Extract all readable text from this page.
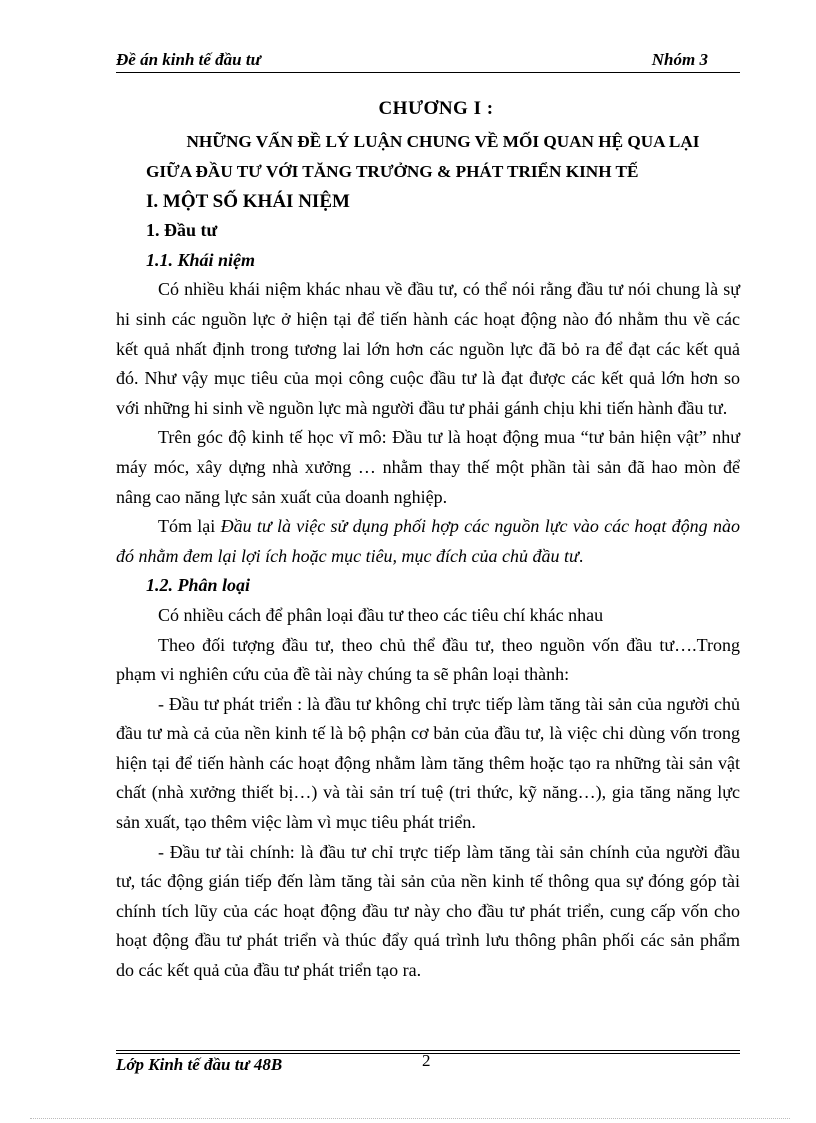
Đề án kinh tế đầu tư	Nhóm 3
CHƯƠNG I :
NHỮNG VẤN ĐỀ LÝ LUẬN CHUNG VỀ MỐI QUAN HỆ QUA LẠI
GIỮA ĐẦU TƯ VỚI TĂNG TRƯỞNG & PHÁT TRIỂN KINH TẾ
I. MỘT SỐ KHÁI NIỆM
1. Đầu tư
1.1. Khái niệm

Có nhiều khái niệm khác nhau về đầu tư, có thể nói rằng đầu tư nói chung là sự hi sinh các nguồn lực ở hiện tại để tiến hành các hoạt động nào đó nhằm thu về các kết quả nhất định trong tương lai lớn hơn các nguồn lực đã bỏ ra để đạt các kết quả đó. Như vậy mục tiêu của mọi công cuộc đầu tư là đạt được các kết quả lớn hơn so với những hi sinh về nguồn lực mà người đầu tư phải gánh chịu khi tiến hành đầu tư.

Trên góc độ kinh tế học vĩ mô: Đầu tư là hoạt động mua “tư bản hiện vật” như máy móc, xây dựng nhà xưởng … nhằm thay thế một phần tài sản đã hao mòn để nâng cao năng lực sản xuất của doanh nghiệp.

Tóm lại Đầu tư là việc sử dụng phối hợp các nguồn lực vào các hoạt động nào đó nhằm đem lại lợi ích hoặc mục tiêu, mục đích của chủ đầu tư.

1.2. Phân loại

Có nhiều cách để phân loại đầu tư theo các tiêu chí khác nhau

Theo đối tượng đầu tư, theo chủ thể đầu tư, theo nguồn vốn đầu tư….Trong phạm vi nghiên cứu của đề tài này chúng ta sẽ phân loại thành:

- Đầu tư phát triển : là đầu tư không chỉ trực tiếp làm tăng tài sản của người chủ đầu tư mà cả của nền kinh tế là bộ phận cơ bản của đầu tư, là việc chi dùng vốn trong hiện tại để tiến hành các hoạt động nhằm làm tăng thêm hoặc tạo ra những tài sản vật chất (nhà xưởng thiết bị…) và tài sản trí tuệ (tri thức, kỹ năng…), gia tăng năng lực sản xuất, tạo thêm việc làm vì mục tiêu phát triển.

- Đầu tư tài chính: là đầu tư chỉ trực tiếp làm tăng tài sản chính của người đầu tư, tác động gián tiếp đến làm tăng tài sản của nền kinh tế thông qua sự đóng góp tài chính tích lũy của các hoạt động đầu tư này cho đầu tư phát triển, cung cấp vốn cho hoạt động đầu tư phát triển và thúc đẩy quá trình lưu thông phân phối các sản phẩm do các kết quả của đầu tư phát triển tạo ra.

Lớp Kinh tế đầu tư 48B	2
